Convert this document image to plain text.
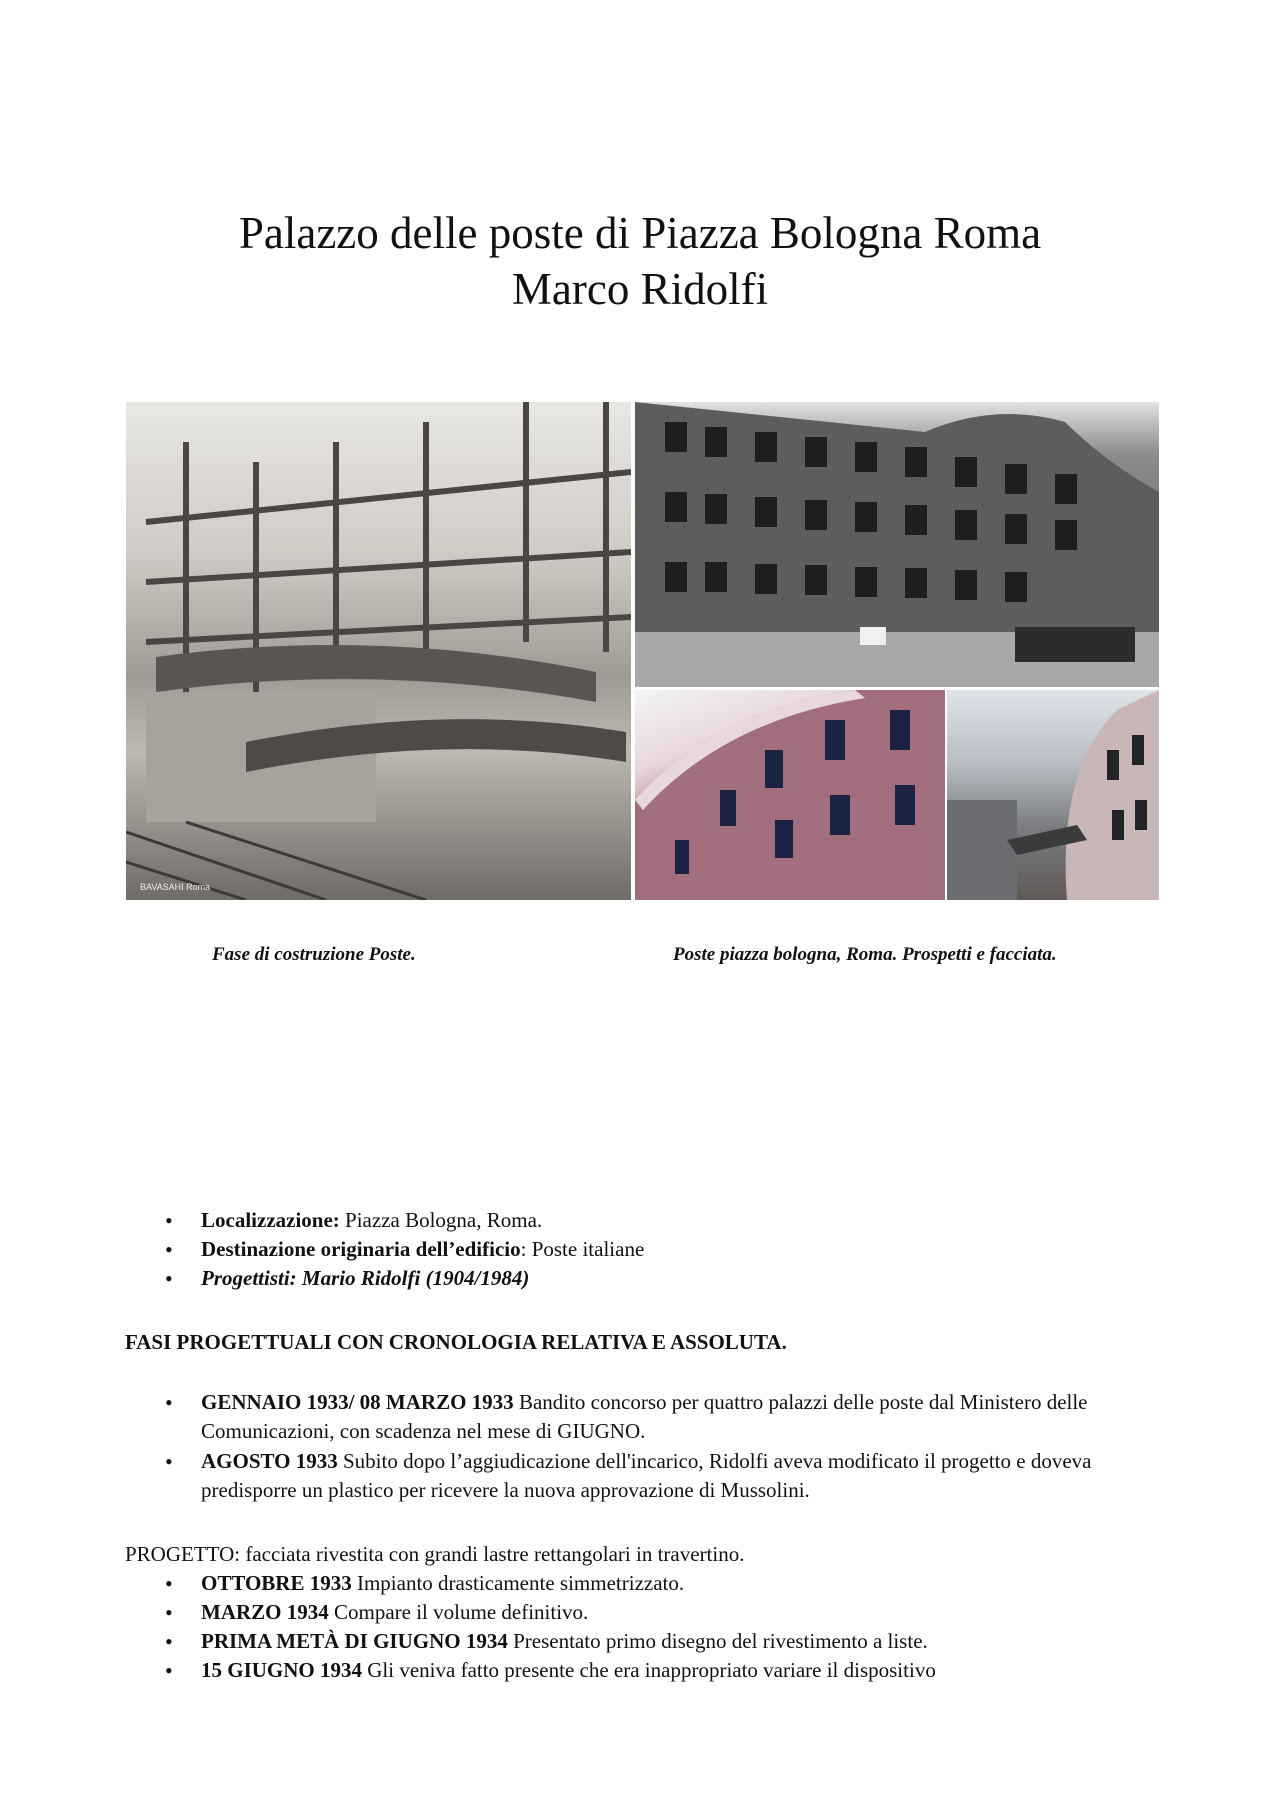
Palazzo delle poste di Piazza Bologna Roma
Marco Ridolfi
BAVASAHI Roma
Fase di costruzione Poste.	Poste piazza bologna, Roma. Prospetti e facciata.
• Localizzazione: Piazza Bologna, Roma.
• Destinazione originaria dell’edificio: Poste italiane
• Progettisti: Mario Ridolfi (1904/1984)
FASI PROGETTUALI CON CRONOLOGIA RELATIVA E ASSOLUTA.
• GENNAIO 1933/ 08 MARZO 1933 Bandito concorso per quattro palazzi delle poste dal Ministero delle Comunicazioni, con scadenza nel mese di GIUGNO.
• AGOSTO 1933 Subito dopo l’aggiudicazione dell'incarico, Ridolfi aveva modificato il progetto e doveva predisporre un plastico per ricevere la nuova approvazione di Mussolini.
PROGETTO: facciata rivestita con grandi lastre rettangolari in travertino.
• OTTOBRE 1933 Impianto drasticamente simmetrizzato.
• MARZO 1934 Compare il volume definitivo.
• PRIMA METÀ DI GIUGNO 1934 Presentato primo disegno del rivestimento a liste.
• 15 GIUGNO 1934 Gli veniva fatto presente che era inappropriato variare il dispositivo
